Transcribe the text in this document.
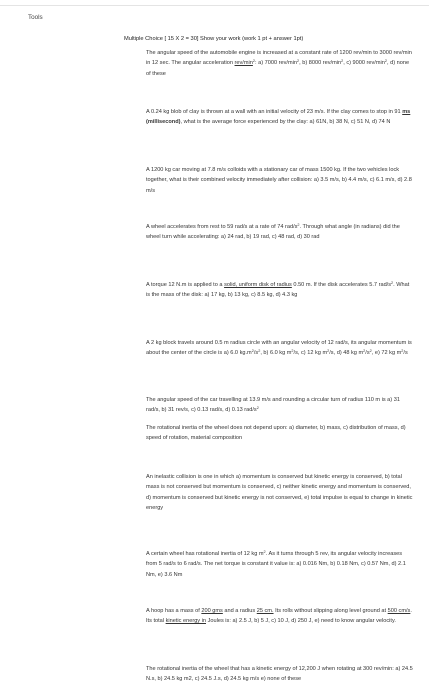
Tools
Multiple Choice [ 15 X 2 = 30] Show your work (work 1 pt + answer 1pt)
The angular speed of the automobile engine is increased at a constant rate of 1200 rev/min to 3000 rev/min in 12 sec. The angular acceleration rev/$\min^2$: a) 7000 rev/$\min^2$, b) 8000 rev/$\min^2$, c) 9000 rev/$\min^2$, d) none of these
A 0.24 kg blob of clay is thrown at a wall with an initial velocity of 23 m/s. If the clay comes to stop in 91 ms (millisecond), what is the average force experienced by the clay: a) 61N, b) 38 N, c) 51 N, d) 74 N
A 1200 kg car moving at 7.8 m/s colloids with a stationary car of mass 1500 kg. If the two vehicles lock together, what is their combined velocity immediately after collision: a) 3.5 m/s, b) 4.4 m/s, c) 6.1 m/s, d) 2.8 m/s
A wheel accelerates from rest to 59 rad/s at a rate of 74 rad/$s^2$. Through what angle (in radians) did the wheel turn while accelerating: a) 24 rad, b) 19 rad, c) 48 rad, d) 30 rad
A torque 12 N.m is applied to a solid, uniform disk of radius 0.50 m. If the disk accelerates 5.7 rad/$s^2$. What is the mass of the disk: a) 17 kg, b) 13 kg, c) 8.5 kg, d) 4.3 kg
A 2 kg block travels around 0.5 m radius circle with an angular velocity of 12 rad/s, its angular momentum is about the center of the circle is a) 6.0 $kg.m^2/s^2$, b) 6.0 kg $m^2/s$, c) 12 kg $m^2/s$, d) 48 kg $m^2/s^2$, e) 72 kg $m^2/s$
The angular speed of the car travelling at 13.9 m/s and rounding a circular turn of radius 110 m is a) 31 rad/s, b) 31 rev/s, c) 0.13 rad/s, d) 0.13 rad/$s^2$
The rotational inertia of the wheel does not depend upon: a) diameter, b) mass, c) distribution of mass, d) speed of rotation, material composition
An inelastic collision is one in which a) momentum is conserved but kinetic energy is conserved, b) total mass is not conserved but momentum is conserved, c) neither kinetic energy and momentum is conserved, d) momentum is conserved but kinetic energy is not conserved, e) total impulse is equal to change in kinetic energy
A certain wheel has rotational inertia of 12 kg $m^2$. As it turns through 5 rev, its angular velocity increases from 5 rad/s to 6 rad/s. The net torque is constant it value is: a) 0.016 Nm, b) 0.18 Nm, c) 0.57 Nm, d) 2.1 Nm, e) 3.6 Nm
A hoop has a mass of 200 gms and a radius 25 cm. Its rolls without slipping along level ground at 500 cm/s. Its total kinetic energy in Joules is: a) 2.5 J, b) 5 J, c) 10 J, d) 250 J, e) need to know angular velocity.
The rotational inertia of the wheel that has a kinetic energy of 12,200 J when rotating at 300 rev/min: a) 24.5 N.s, b) 24.5 kg m2, c) 24.5 J.s, d) 24.5 kg m/s e) none of these
